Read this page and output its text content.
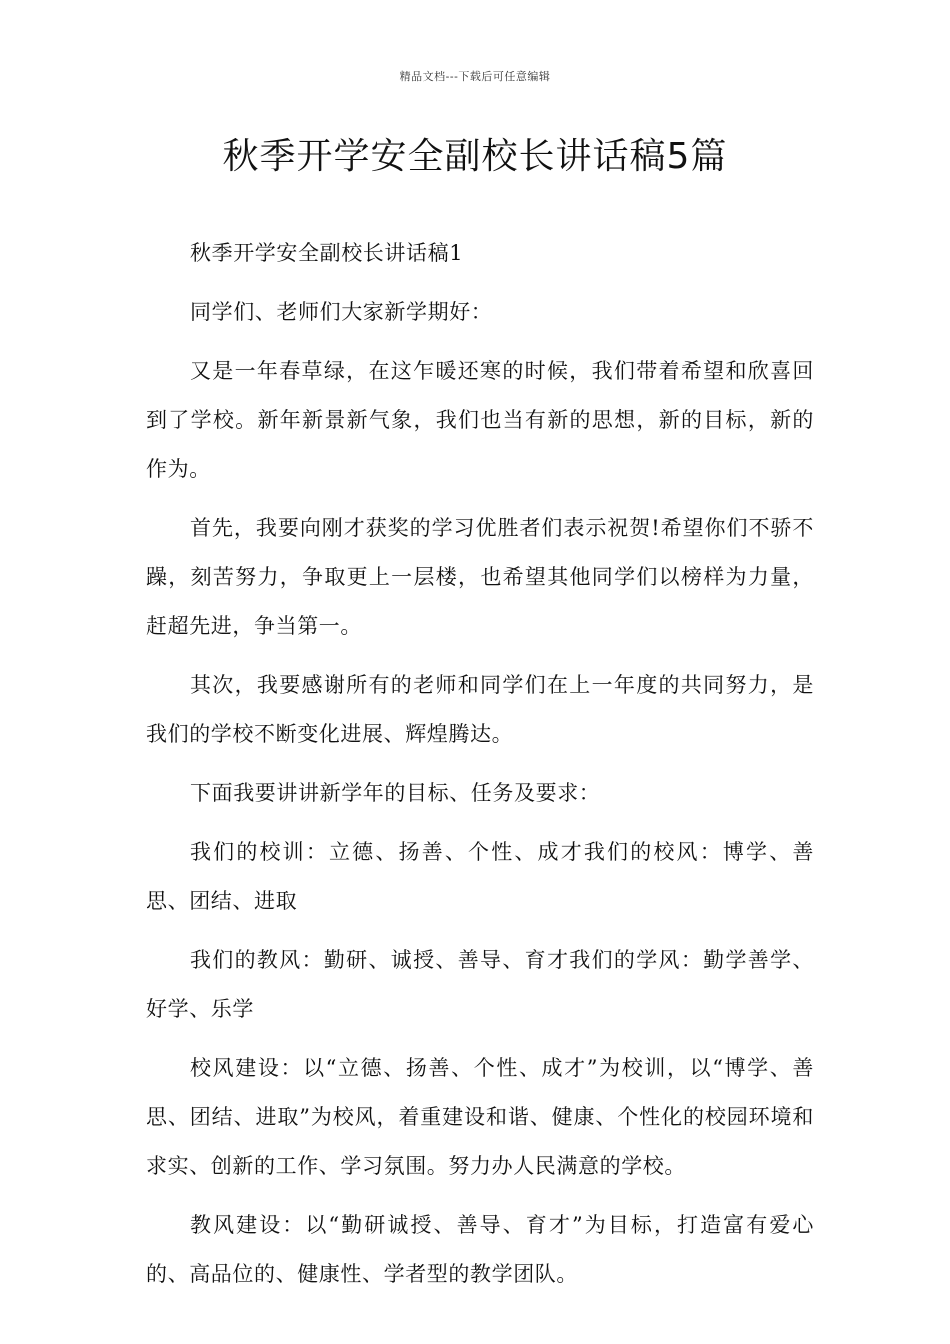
精品文档---下载后可任意编辑
秋季开学安全副校长讲话稿5篇

秋季开学安全副校长讲话稿1

同学们、老师们大家新学期好：

又是一年春草绿，在这乍暖还寒的时候，我们带着希望和欣喜回到了学校。新年新景新气象，我们也当有新的思想，新的目标，新的作为。

首先，我要向刚才获奖的学习优胜者们表示祝贺!希望你们不骄不躁，刻苦努力，争取更上一层楼，也希望其他同学们以榜样为力量，赶超先进，争当第一。

其次，我要感谢所有的老师和同学们在上一年度的共同努力，是我们的学校不断变化进展、辉煌腾达。

下面我要讲讲新学年的目标、任务及要求：

我们的校训：立德、扬善、个性、成才我们的校风：博学、善思、团结、进取

我们的教风：勤研、诚授、善导、育才我们的学风：勤学善学、好学、乐学

校风建设：以“立德、扬善、个性、成才”为校训，以“博学、善思、团结、进取”为校风，着重建设和谐、健康、个性化的校园环境和求实、创新的工作、学习氛围。努力办人民满意的学校。

教风建设：以“勤研诚授、善导、育才”为目标，打造富有爱心的、高品位的、健康性、学者型的教学团队。
